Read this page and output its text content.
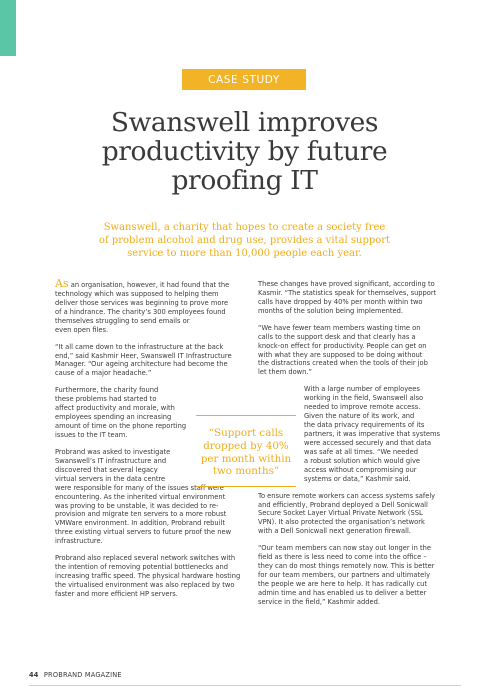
CASE STUDY
Swanswell improves
productivity by future
proofing IT

Swanswell, a charity that hopes to create a society free
of problem alcohol and drug use, provides a vital support
service to more than 10,000 people each year.

As an organisation, however, it had found that the
technology which was supposed to helping them
deliver those services was beginning to prove more
of a hindrance. The charity’s 300 employees found
themselves struggling to send emails or
even open files.

“It all came down to the infrastructure at the back
end,” said Kashmir Heer, Swanswell IT Infrastructure
Manager. “Our ageing architecture had become the
cause of a major headache.”

Furthermore, the charity found
these problems had started to
affect productivity and morale, with
employees spending an increasing
amount of time on the phone reporting
issues to the IT team.

Probrand was asked to investigate
Swanswell’s IT infrastructure and
discovered that several legacy
virtual servers in the data centre
were responsible for many of the issues staff were
encountering. As the inherited virtual environment
was proving to be unstable, it was decided to re-
provision and migrate ten servers to a more robust
VMWare environment. In addition, Probrand rebuilt
three existing virtual servers to future proof the new
infrastructure.

Probrand also replaced several network switches with
the intention of removing potential bottlenecks and
increasing traffic speed. The physical hardware hosting
the virtualised environment was also replaced by two
faster and more efficient HP servers.

These changes have proved significant, according to
Kasmir. “The statistics speak for themselves, support
calls have dropped by 40% per month within two
months of the solution being implemented.

“We have fewer team members wasting time on
calls to the support desk and that clearly has a
knock-on effect for productivity. People can get on
with what they are supposed to be doing without
the distractions created when the tools of their job
let them down.”

With a large number of employees
working in the field, Swanswell also
needed to improve remote access.
Given the nature of its work, and
the data privacy requirements of its
partners, it was imperative that systems
were accessed securely and that data
was safe at all times. “We needed
a robust solution which would give
access without compromising our
systems or data,” Kashmir said.

To ensure remote workers can access systems safely
and efficiently, Probrand deployed a Dell Sonicwall
Secure Socket Layer Virtual Private Network (SSL
VPN). It also protected the organisation’s network
with a Dell Sonicwall next generation firewall.

“Our team members can now stay out longer in the
field as there is less need to come into the office –
they can do most things remotely now. This is better
for our team members, our partners and ultimately
the people we are here to help. It has radically cut
admin time and has enabled us to deliver a better
service in the field,” Kashmir added.

“Support calls
dropped by 40%
per month within
two months”
44 PROBRAND MAGAZINE
